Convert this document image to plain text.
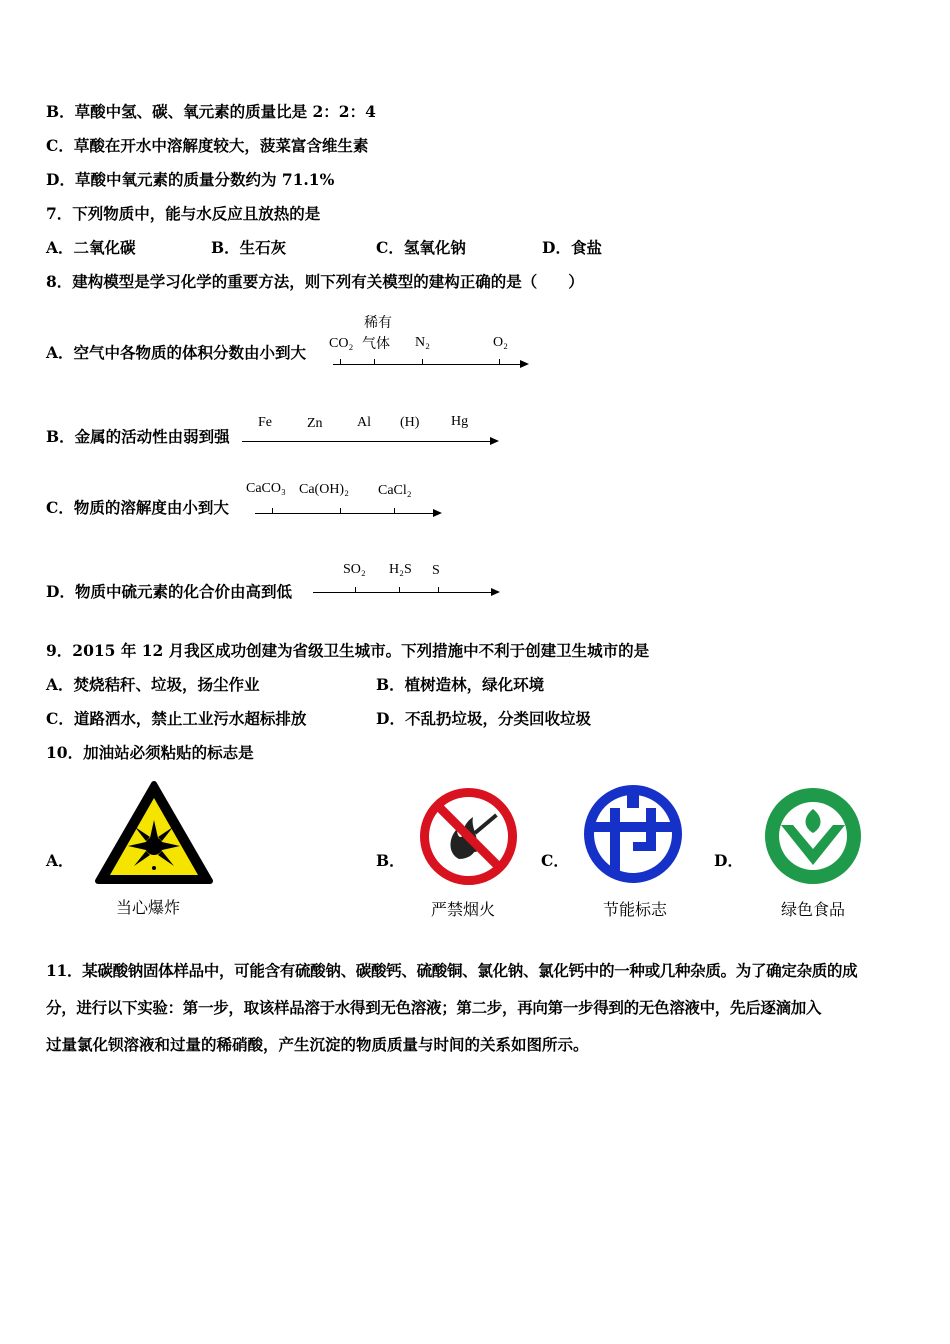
B．草酸中氢、碳、氧元素的质量比是 2：2：4
C．草酸在开水中溶解度较大，菠菜富含维生素
D．草酸中氧元素的质量分数约为 71.1%
7．下列物质中，能与水反应且放热的是
A．二氧化碳	B．生石灰	C．氢氧化钠	D．食盐
8．建构模型是学习化学的重要方法，则下列有关模型的建构正确的是（　　）
A．空气中各物质的体积分数由小到大 CO₂
稀有
气体 N₂	O₂
B．金属的活动性由弱到强
Fe	Zn Al (H) Hg
C．物质的溶解度由小到大
CaCO₃ Ca(OH)₂ CaCl₂
D．物质中硫元素的化合价由高到低
SO₂ H₂S S
9．2015 年 12 月我区成功创建为省级卫生城市。下列措施中不利于创建卫生城市的是
A．焚烧秸秆、垃圾，扬尘作业	B．植树造林，绿化环境
C．道路洒水，禁止工业污水超标排放	D．不乱扔垃圾，分类回收垃圾
10．加油站必须粘贴的标志是
A．	B．	C．	D．
当心爆炸	严禁烟火	节能标志	绿色食品
11．某碳酸钠固体样品中，可能含有硫酸钠、碳酸钙、硫酸铜、氯化钠、氯化钙中的一种或几种杂质。为了确定杂质的成
分，进行以下实验：第一步，取该样品溶于水得到无色溶液；第二步，再向第一步得到的无色溶液中，先后逐滴加入
过量氯化钡溶液和过量的稀硝酸，产生沉淀的物质质量与时间的关系如图所示。
